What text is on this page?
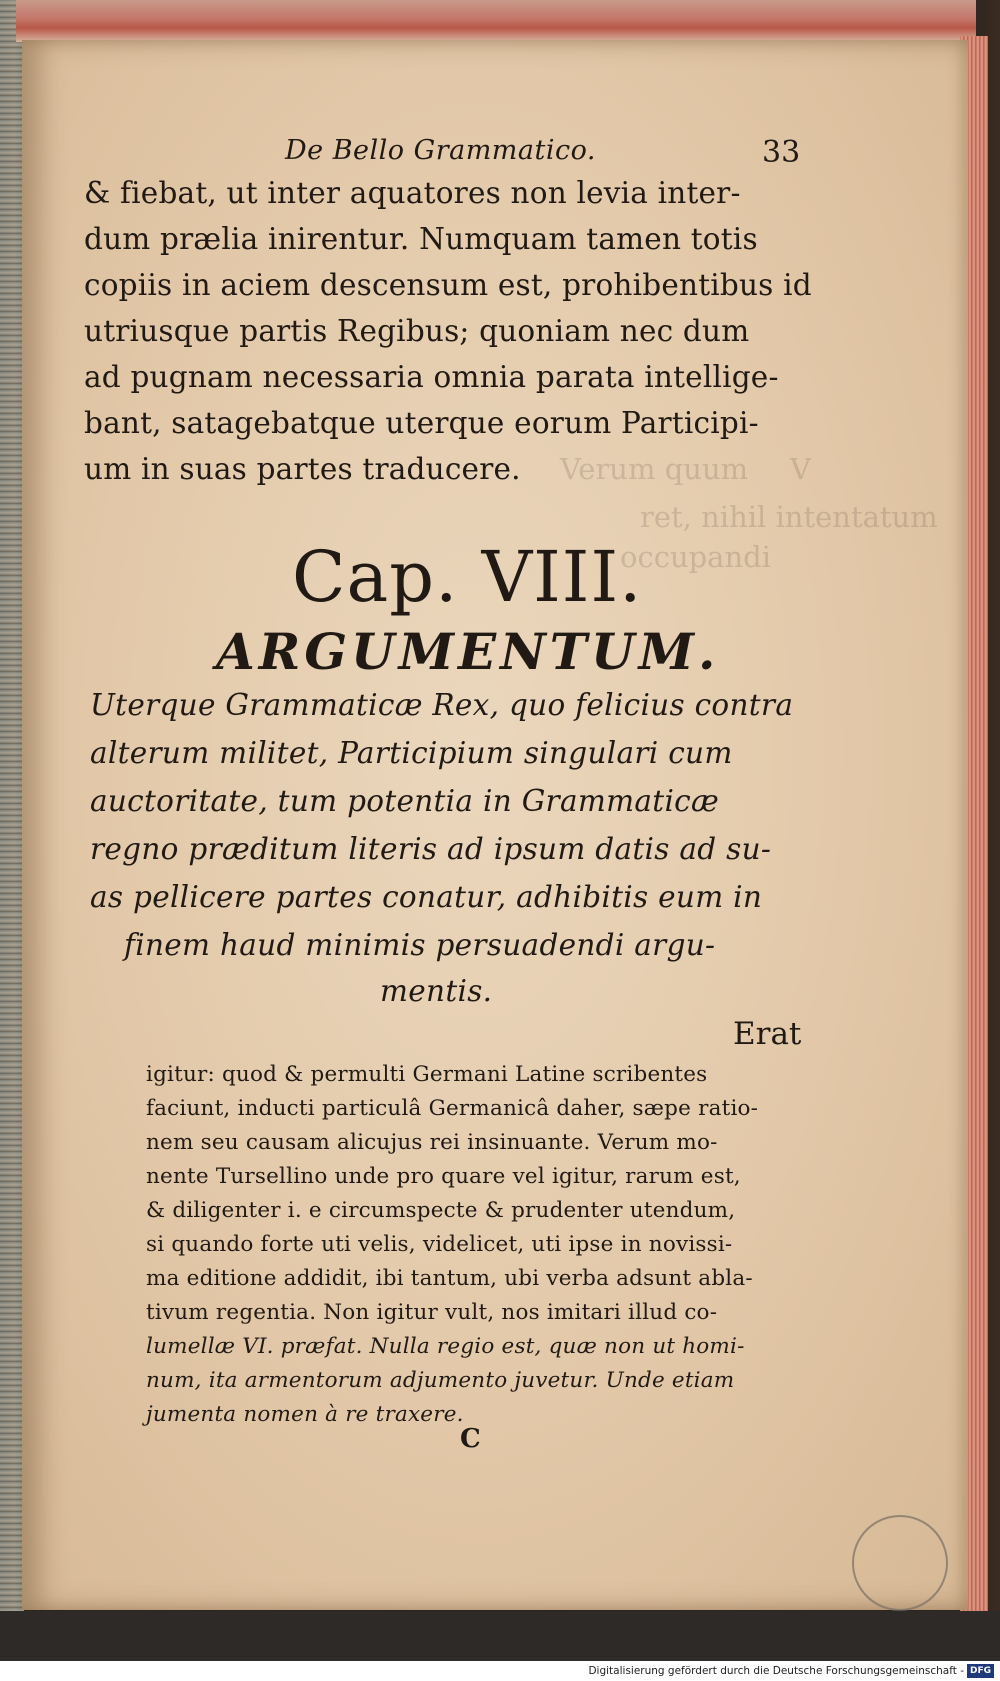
V
Verum quum
ret, nihil intentatum
occupandi
De Bello Grammatico.	33
& fiebat, ut inter aquatores non levia inter-
dum prælia inirentur. Numquam tamen totis
copiis in aciem descensum est, prohibentibus id
utriusque partis Regibus; quoniam nec dum
ad pugnam necessaria omnia parata intellige-
bant, satagebatque uterque eorum Participi-
um in suas partes traducere.
Cap. VIII.
ARGUMENTUM.
Uterque Grammaticæ Rex, quo felicius contra
alterum militet, Participium singulari cum
auctoritate, tum potentia in Grammaticæ
regno præditum literis ad ipsum datis ad su-
as pellicere partes conatur, adhibitis eum in
finem haud minimis persuadendi argu-
mentis.
Erat
igitur: quod & permulti Germani Latine scribentes
faciunt, inducti particulâ Germanicâ daher, sæpe ratio-
nem seu causam alicujus rei insinuante. Verum mo-
nente Tursellino unde pro quare vel igitur, rarum est,
& diligenter i. e circumspecte & prudenter utendum,
si quando forte uti velis, videlicet, uti ipse in novissi-
ma editione addidit, ibi tantum, ubi verba adsunt abla-
tivum regentia. Non igitur vult, nos imitari illud co-
lumellæ VI. præfat. Nulla regio est, quæ non ut homi-
num, ita armentorum adjumento juvetur. Unde etiam
jumenta nomen à re traxere.
C
Digitalisierung gefördert durch die Deutsche Forschungsgemeinschaft - DFG
